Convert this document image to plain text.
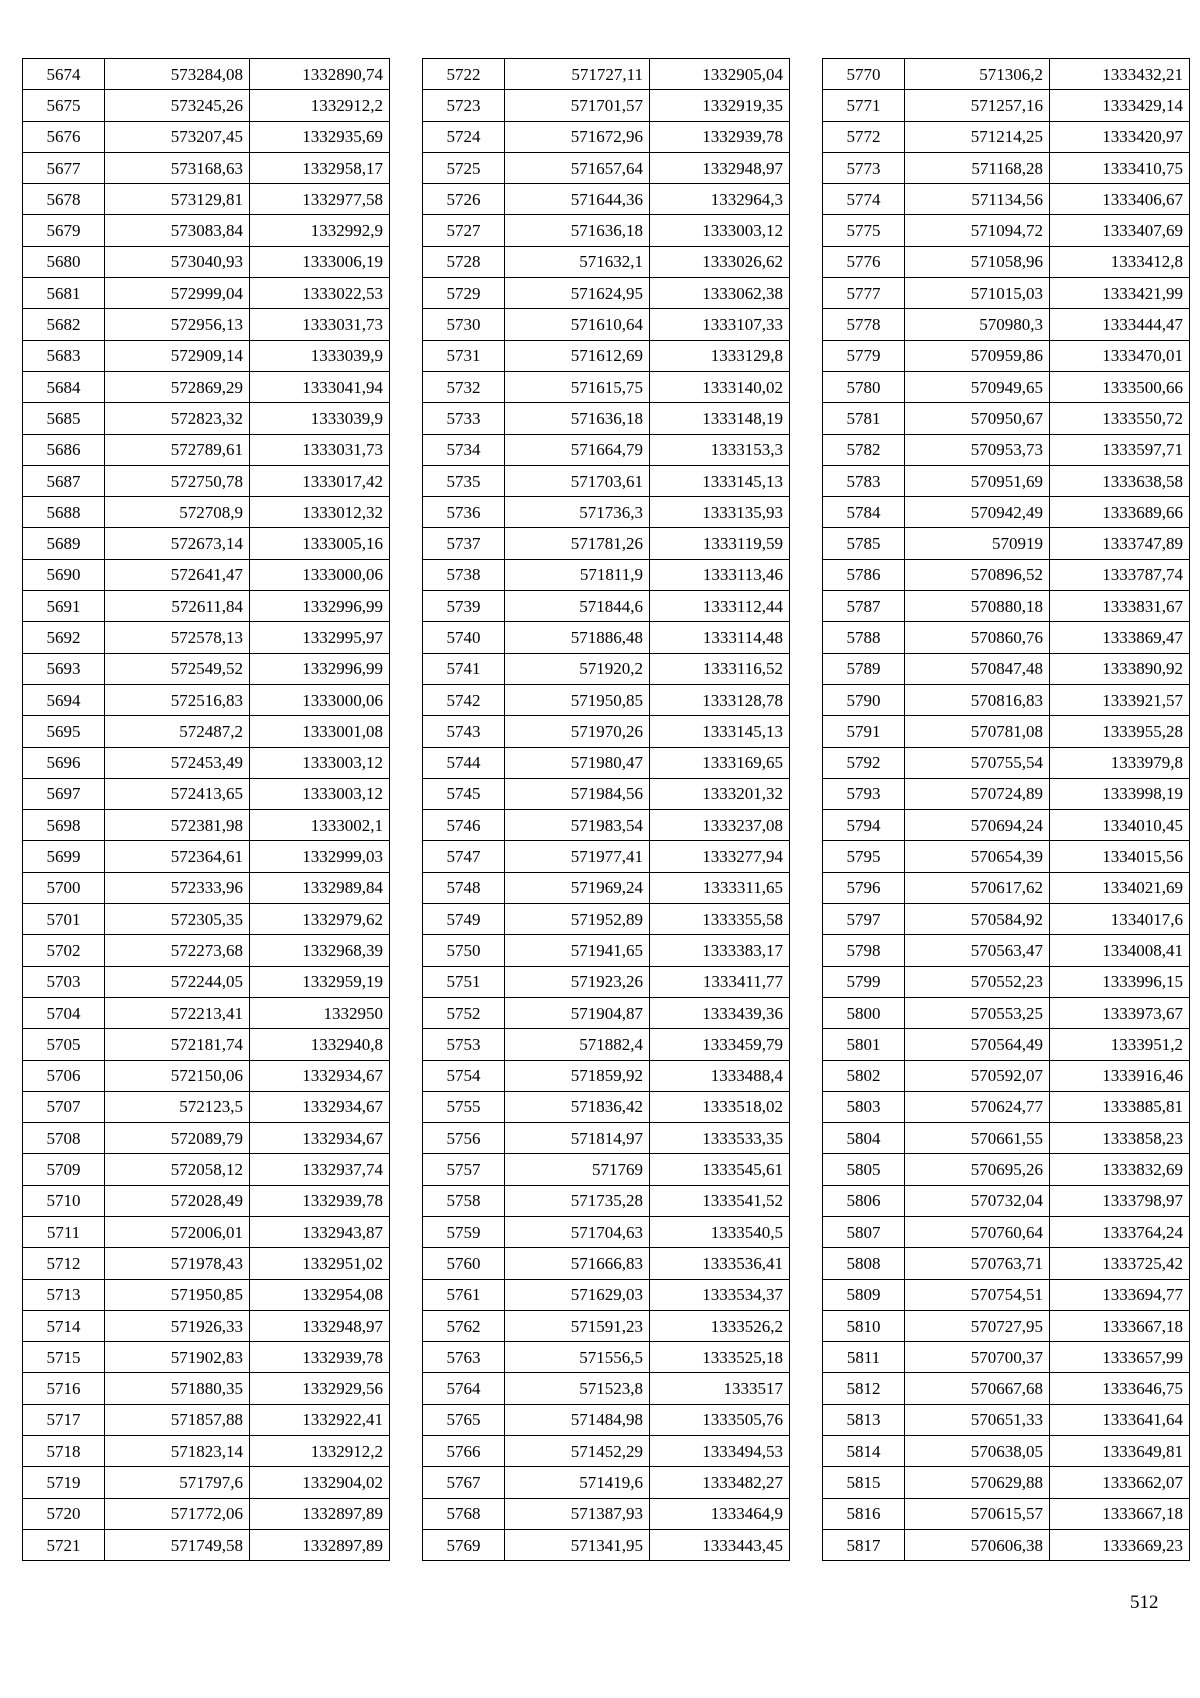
5674	573284,08	1332890,74
5675	573245,26	1332912,2
5676	573207,45	1332935,69
5677	573168,63	1332958,17
5678	573129,81	1332977,58
5679	573083,84	1332992,9
5680	573040,93	1333006,19
5681	572999,04	1333022,53
5682	572956,13	1333031,73
5683	572909,14	1333039,9
5684	572869,29	1333041,94
5685	572823,32	1333039,9
5686	572789,61	1333031,73
5687	572750,78	1333017,42
5688	572708,9	1333012,32
5689	572673,14	1333005,16
5690	572641,47	1333000,06
5691	572611,84	1332996,99
5692	572578,13	1332995,97
5693	572549,52	1332996,99
5694	572516,83	1333000,06
5695	572487,2	1333001,08
5696	572453,49	1333003,12
5697	572413,65	1333003,12
5698	572381,98	1333002,1
5699	572364,61	1332999,03
5700	572333,96	1332989,84
5701	572305,35	1332979,62
5702	572273,68	1332968,39
5703	572244,05	1332959,19
5704	572213,41	1332950
5705	572181,74	1332940,8
5706	572150,06	1332934,67
5707	572123,5	1332934,67
5708	572089,79	1332934,67
5709	572058,12	1332937,74
5710	572028,49	1332939,78
5711	572006,01	1332943,87
5712	571978,43	1332951,02
5713	571950,85	1332954,08
5714	571926,33	1332948,97
5715	571902,83	1332939,78
5716	571880,35	1332929,56
5717	571857,88	1332922,41
5718	571823,14	1332912,2
5719	571797,6	1332904,02
5720	571772,06	1332897,89
5721	571749,58	1332897,89
5722	571727,11	1332905,04
5723	571701,57	1332919,35
5724	571672,96	1332939,78
5725	571657,64	1332948,97
5726	571644,36	1332964,3
5727	571636,18	1333003,12
5728	571632,1	1333026,62
5729	571624,95	1333062,38
5730	571610,64	1333107,33
5731	571612,69	1333129,8
5732	571615,75	1333140,02
5733	571636,18	1333148,19
5734	571664,79	1333153,3
5735	571703,61	1333145,13
5736	571736,3	1333135,93
5737	571781,26	1333119,59
5738	571811,9	1333113,46
5739	571844,6	1333112,44
5740	571886,48	1333114,48
5741	571920,2	1333116,52
5742	571950,85	1333128,78
5743	571970,26	1333145,13
5744	571980,47	1333169,65
5745	571984,56	1333201,32
5746	571983,54	1333237,08
5747	571977,41	1333277,94
5748	571969,24	1333311,65
5749	571952,89	1333355,58
5750	571941,65	1333383,17
5751	571923,26	1333411,77
5752	571904,87	1333439,36
5753	571882,4	1333459,79
5754	571859,92	1333488,4
5755	571836,42	1333518,02
5756	571814,97	1333533,35
5757	571769	1333545,61
5758	571735,28	1333541,52
5759	571704,63	1333540,5
5760	571666,83	1333536,41
5761	571629,03	1333534,37
5762	571591,23	1333526,2
5763	571556,5	1333525,18
5764	571523,8	1333517
5765	571484,98	1333505,76
5766	571452,29	1333494,53
5767	571419,6	1333482,27
5768	571387,93	1333464,9
5769	571341,95	1333443,45
5770	571306,2	1333432,21
5771	571257,16	1333429,14
5772	571214,25	1333420,97
5773	571168,28	1333410,75
5774	571134,56	1333406,67
5775	571094,72	1333407,69
5776	571058,96	1333412,8
5777	571015,03	1333421,99
5778	570980,3	1333444,47
5779	570959,86	1333470,01
5780	570949,65	1333500,66
5781	570950,67	1333550,72
5782	570953,73	1333597,71
5783	570951,69	1333638,58
5784	570942,49	1333689,66
5785	570919	1333747,89
5786	570896,52	1333787,74
5787	570880,18	1333831,67
5788	570860,76	1333869,47
5789	570847,48	1333890,92
5790	570816,83	1333921,57
5791	570781,08	1333955,28
5792	570755,54	1333979,8
5793	570724,89	1333998,19
5794	570694,24	1334010,45
5795	570654,39	1334015,56
5796	570617,62	1334021,69
5797	570584,92	1334017,6
5798	570563,47	1334008,41
5799	570552,23	1333996,15
5800	570553,25	1333973,67
5801	570564,49	1333951,2
5802	570592,07	1333916,46
5803	570624,77	1333885,81
5804	570661,55	1333858,23
5805	570695,26	1333832,69
5806	570732,04	1333798,97
5807	570760,64	1333764,24
5808	570763,71	1333725,42
5809	570754,51	1333694,77
5810	570727,95	1333667,18
5811	570700,37	1333657,99
5812	570667,68	1333646,75
5813	570651,33	1333641,64
5814	570638,05	1333649,81
5815	570629,88	1333662,07
5816	570615,57	1333667,18
5817	570606,38	1333669,23
512
